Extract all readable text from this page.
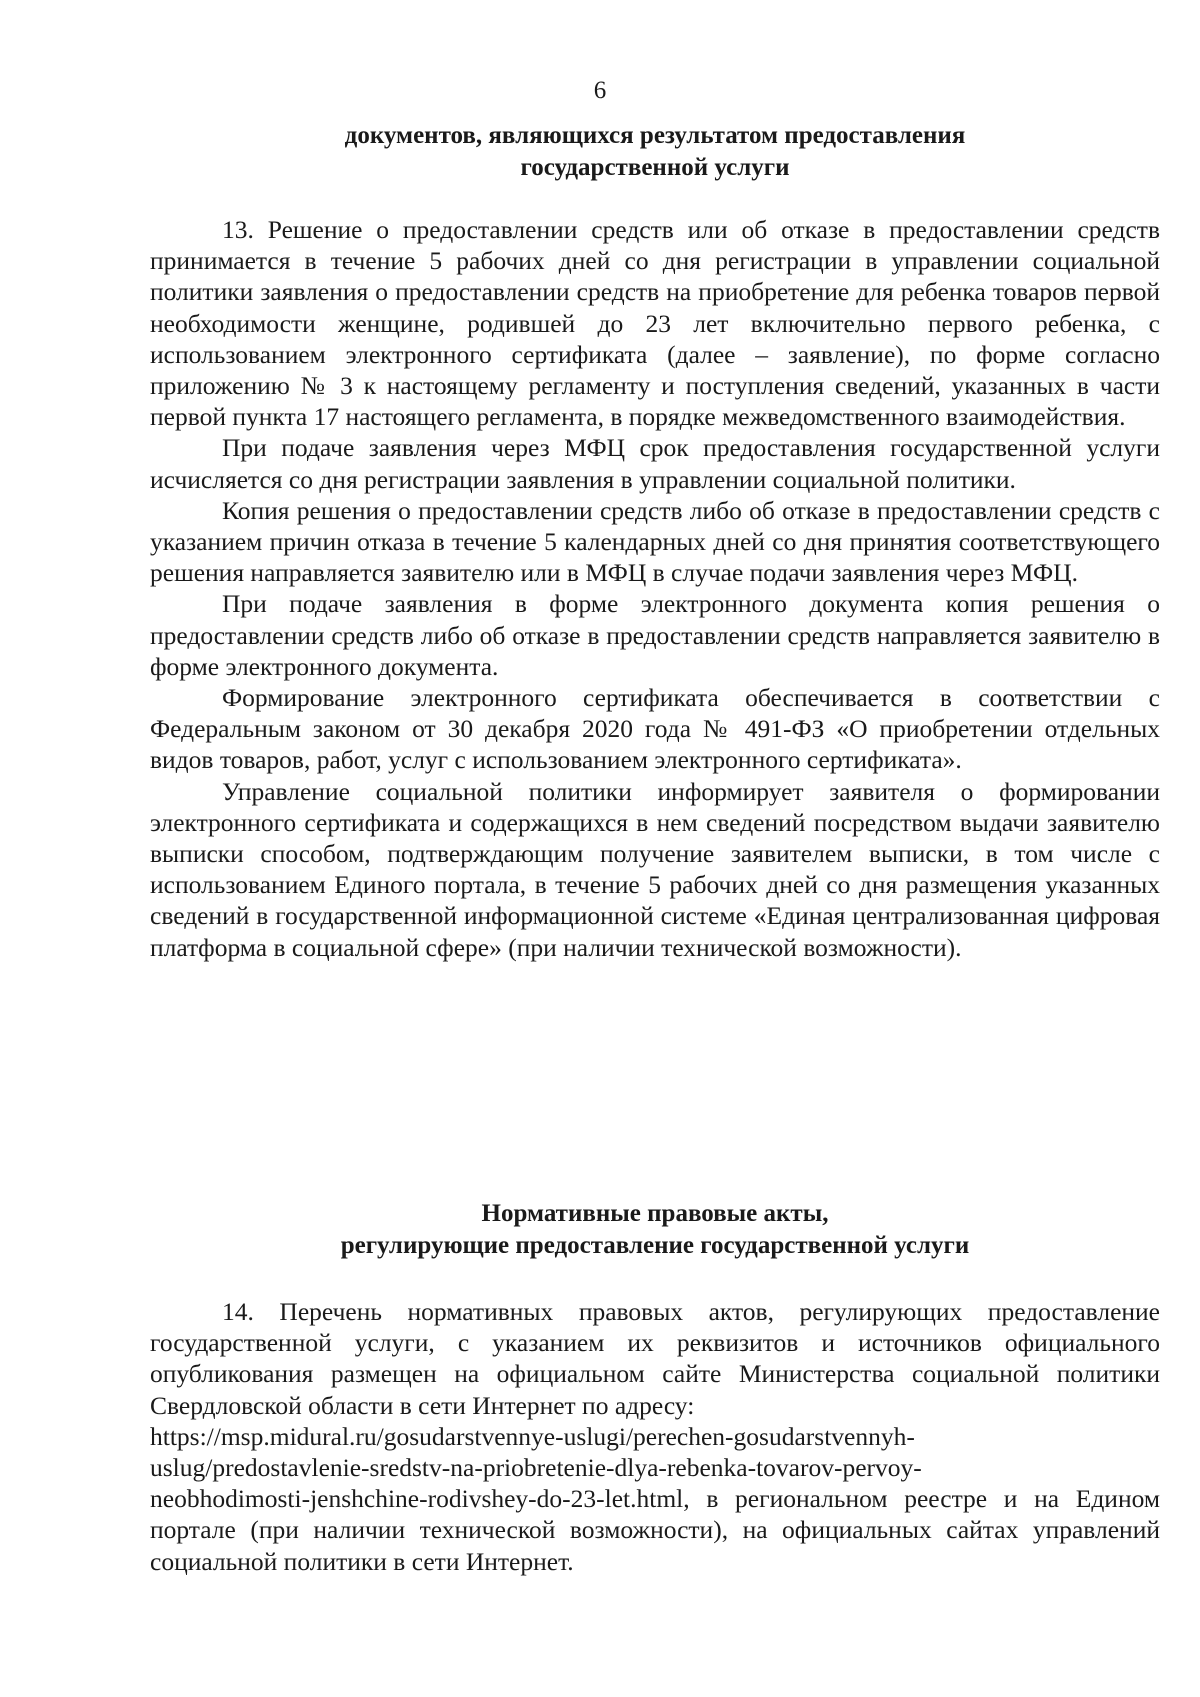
6
документов, являющихся результатом предоставления
государственной услуги

13. Решение о предоставлении средств или об отказе в предоставлении средств принимается в течение 5 рабочих дней со дня регистрации в управлении социальной политики заявления о предоставлении средств на приобретение для ребенка товаров первой необходимости женщине, родившей до 23 лет включительно первого ребенка, с использованием электронного сертификата (далее – заявление), по форме согласно приложению № 3 к настоящему регламенту и поступления сведений, указанных в части первой пункта 17 настоящего регламента, в порядке межведомственного взаимодействия.

При подаче заявления через МФЦ срок предоставления государственной услуги исчисляется со дня регистрации заявления в управлении социальной политики.

Копия решения о предоставлении средств либо об отказе в предоставлении средств с указанием причин отказа в течение 5 календарных дней со дня принятия соответствующего решения направляется заявителю или в МФЦ в случае подачи заявления через МФЦ.

При подаче заявления в форме электронного документа копия решения о предоставлении средств либо об отказе в предоставлении средств направляется заявителю в форме электронного документа.

Формирование электронного сертификата обеспечивается в соответствии с Федеральным законом от 30 декабря 2020 года № 491-ФЗ «О приобретении отдельных видов товаров, работ, услуг с использованием электронного сертификата».

Управление социальной политики информирует заявителя о формировании электронного сертификата и содержащихся в нем сведений посредством выдачи заявителю выписки способом, подтверждающим получение заявителем выписки, в том числе с использованием Единого портала, в течение 5 рабочих дней со дня размещения указанных сведений в государственной информационной системе «Единая централизованная цифровая платформа в социальной сфере» (при наличии технической возможности).

Нормативные правовые акты,
регулирующие предоставление государственной услуги

14. Перечень нормативных правовых актов, регулирующих предоставление государственной услуги, с указанием их реквизитов и источников официального опубликования размещен на официальном сайте Министерства социальной политики Свердловской области в сети Интернет по адресу:
https://msp.midural.ru/gosudarstvennye-uslugi/perechen-gosudarstvennyh-
uslug/predostavlenie-sredstv-na-priobretenie-dlya-rebenka-tovarov-pervoy-
neobhodimosti-jenshchine-rodivshey-do-23-let.html, в региональном реестре и на Едином портале (при наличии технической возможности), на официальных сайтах управлений социальной политики в сети Интернет.
